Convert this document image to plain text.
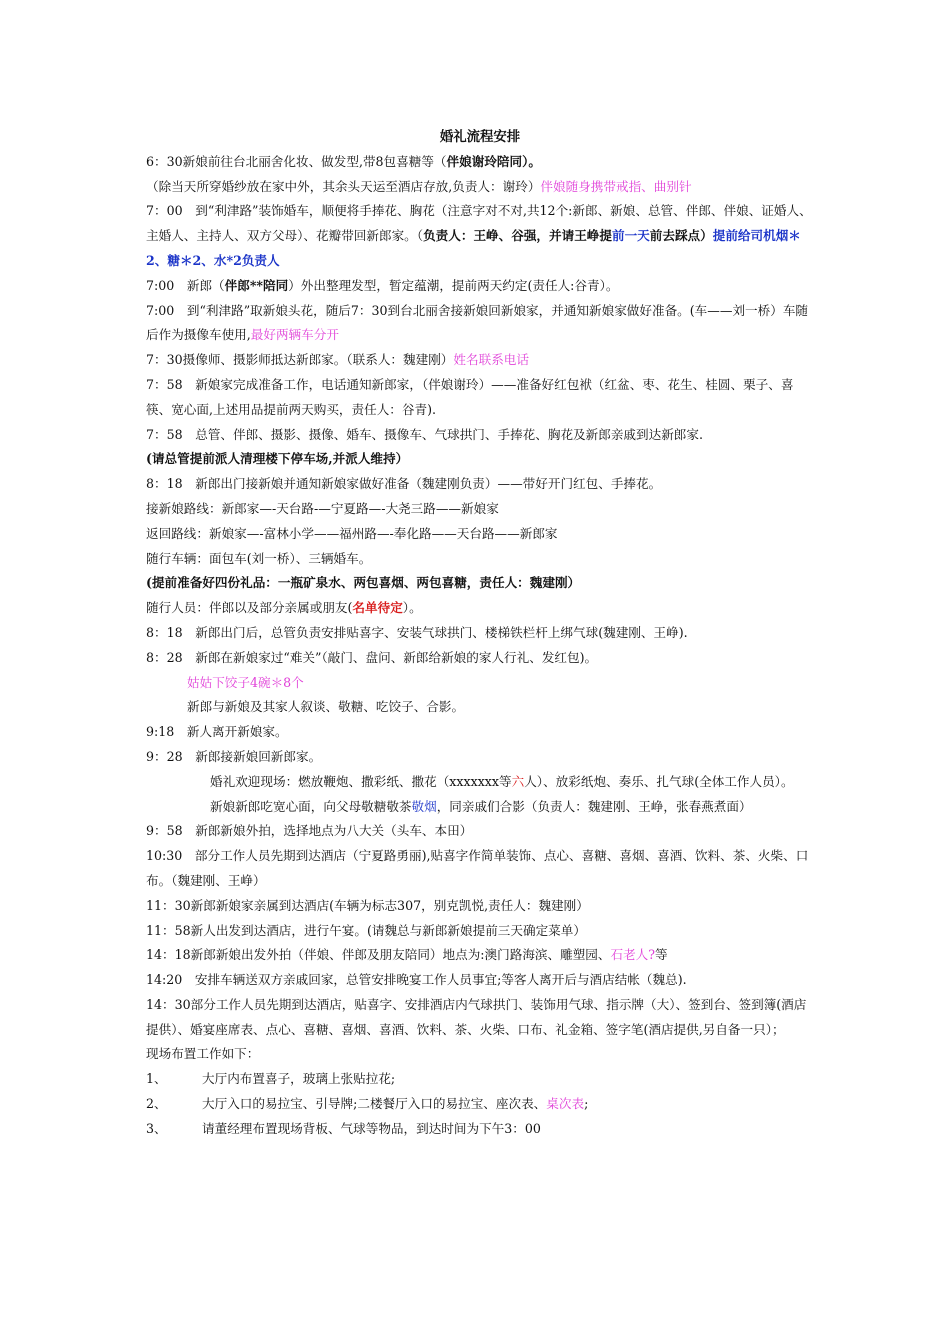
婚礼流程安排

6：30新娘前往台北丽舍化妆、做发型,带8包喜糖等（伴娘谢玲陪同）。

（除当天所穿婚纱放在家中外，其余头天运至酒店存放,负责人：谢玲）伴娘随身携带戒指、曲别针

7：00　到“利津路”装饰婚车，顺便将手捧花、胸花（注意字对不对,共12个:新郎、新娘、总管、伴郎、伴娘、证婚人、主婚人、主持人、双方父母）、花瓣带回新郎家。（负责人：王峥、谷强，并请王峥提前一天前去踩点）提前给司机烟＊2、糖＊2、水*2负责人

7:00　新郎（伴郎**陪同）外出整理发型，暂定蕴潮，提前两天约定(责任人:谷青）。

7:00　到“利津路”取新娘头花，随后7：30到台北丽舍接新娘回新娘家，并通知新娘家做好准备。(车——刘一桥）车随后作为摄像车使用,最好两辆车分开

7：30摄像师、摄影师抵达新郎家。（联系人：魏建刚）姓名联系电话

7：58　新娘家完成准备工作，电话通知新郎家，（伴娘谢玲）——准备好红包袱（红盆、枣、花生、桂圆、栗子、喜筷、宽心面,上述用品提前两天购买，责任人：谷青).

7：58　总管、伴郎、摄影、摄像、婚车、摄像车、气球拱门、手捧花、胸花及新郎亲戚到达新郎家.

(请总管提前派人清理楼下停车场,并派人维持）

8：18　新郎出门接新娘并通知新娘家做好准备（魏建刚负责）——带好开门红包、手捧花。

接新娘路线：新郎家—-天台路-—宁夏路—-大尧三路——新娘家

返回路线：新娘家—-富林小学——福州路—-奉化路——天台路——新郎家

随行车辆：面包车(刘一桥）、三辆婚车。

(提前准备好四份礼品：一瓶矿泉水、两包喜烟、两包喜糖，责任人：魏建刚）

随行人员：伴郎以及部分亲属或朋友(名单待定）。

8：18　新郎出门后，总管负责安排贴喜字、安装气球拱门、楼梯铁栏杆上绑气球(魏建刚、王峥).

8：28　新郎在新娘家过“难关”（敲门、盘问、新郎给新娘的家人行礼、发红包)。

姑姑下饺子4碗＊8个

新郎与新娘及其家人叙谈、敬糖、吃饺子、合影。

9:18　新人离开新娘家。

9：28　新郎接新娘回新郎家。

婚礼欢迎现场：燃放鞭炮、撒彩纸、撒花（xxxxxxx等六人）、放彩纸炮、奏乐、扎气球(全体工作人员）。

新娘新郎吃宽心面，向父母敬糖敬茶敬烟，同亲戚们合影（负责人：魏建刚、王峥，张春燕煮面）

9：58　新郎新娘外拍，选择地点为八大关（头车、本田）

10:30　部分工作人员先期到达酒店（宁夏路勇丽),贴喜字作简单装饰、点心、喜糖、喜烟、喜酒、饮料、茶、火柴、口布。（魏建刚、王峥）

11：30新郎新娘家亲属到达酒店(车辆为标志307，别克凯悦,责任人：魏建刚）

11：58新人出发到达酒店，进行午宴。(请魏总与新郎新娘提前三天确定菜单）

14：18新郎新娘出发外拍（伴娘、伴郎及朋友陪同）地点为:澳门路海滨、雕塑园、石老人?等

14:20　安排车辆送双方亲戚回家，总管安排晚宴工作人员事宜;等客人离开后与酒店结帐（魏总).

14：30部分工作人员先期到达酒店，贴喜字、安排酒店内气球拱门、装饰用气球、指示牌（大）、签到台、签到簿(酒店提供）、婚宴座席表、点心、喜糖、喜烟、喜酒、饮料、茶、火柴、口布、礼金箱、签字笔(酒店提供,另自备一只）；

现场布置工作如下：

1、	大厅内布置喜子，玻璃上张贴拉花;
2、	大厅入口的易拉宝、引导牌;二楼餐厅入口的易拉宝、座次表、桌次表;
3、	请董经理布置现场背板、气球等物品，到达时间为下午3：00
